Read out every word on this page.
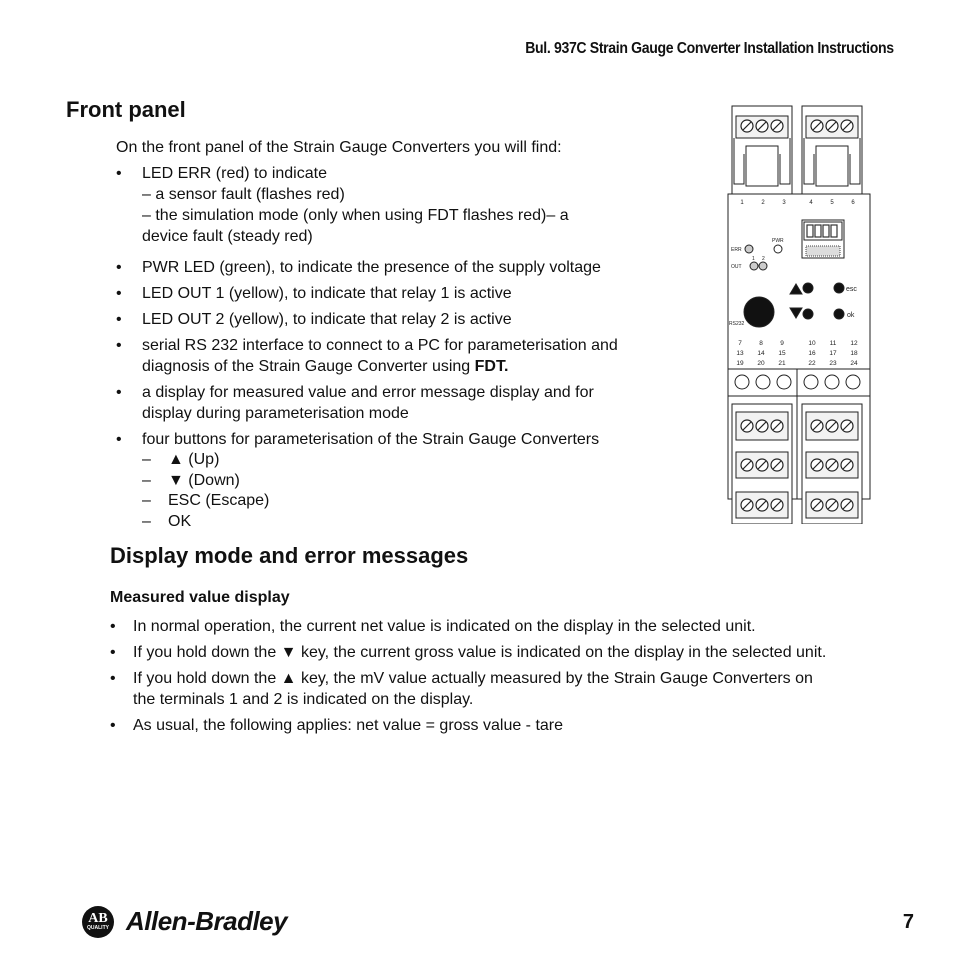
Bul. 937C Strain Gauge Converter Installation Instructions
Front panel
On the front panel of the Strain Gauge Converters you will find:
• LED ERR (red) to indicate
– a sensor fault (flashes red)
– the simulation mode (only when using FDT flashes red)– a
device fault (steady red)
• PWR LED (green), to indicate the presence of the supply voltage
• LED OUT 1 (yellow), to indicate that relay 1 is active
• LED OUT 2 (yellow), to indicate that relay 2 is active
• serial RS 232 interface to connect to a PC for parameterisation and
diagnosis of the Strain Gauge Converter using FDT.
• a display for measured value and error message display and for
display during parameterisation mode
• four buttons for parameterisation of the Strain Gauge Converters
– ▲ (Up)
– ▼ (Down)
– ESC (Escape)
– OK
1	2	3	4	5	6
ERR
OUT
PWR
1 2
RS232
esc
ok
7	8	9	10 11 12
13 14 15	16 17 18
19 20 21	22 23 24
Display mode and error messages
Measured value display
• In normal operation, the current net value is indicated on the display in the selected unit.
• If you hold down the ▼ key, the current gross value is indicated on the display in the selected unit.
• If you hold down the ▲ key, the mV value actually measured by the Strain Gauge Converters on
the terminals 1 and 2 is indicated on the display.
• As usual, the following applies: net value = gross value - tare
AB
QUALITY Allen-Bradley	7
